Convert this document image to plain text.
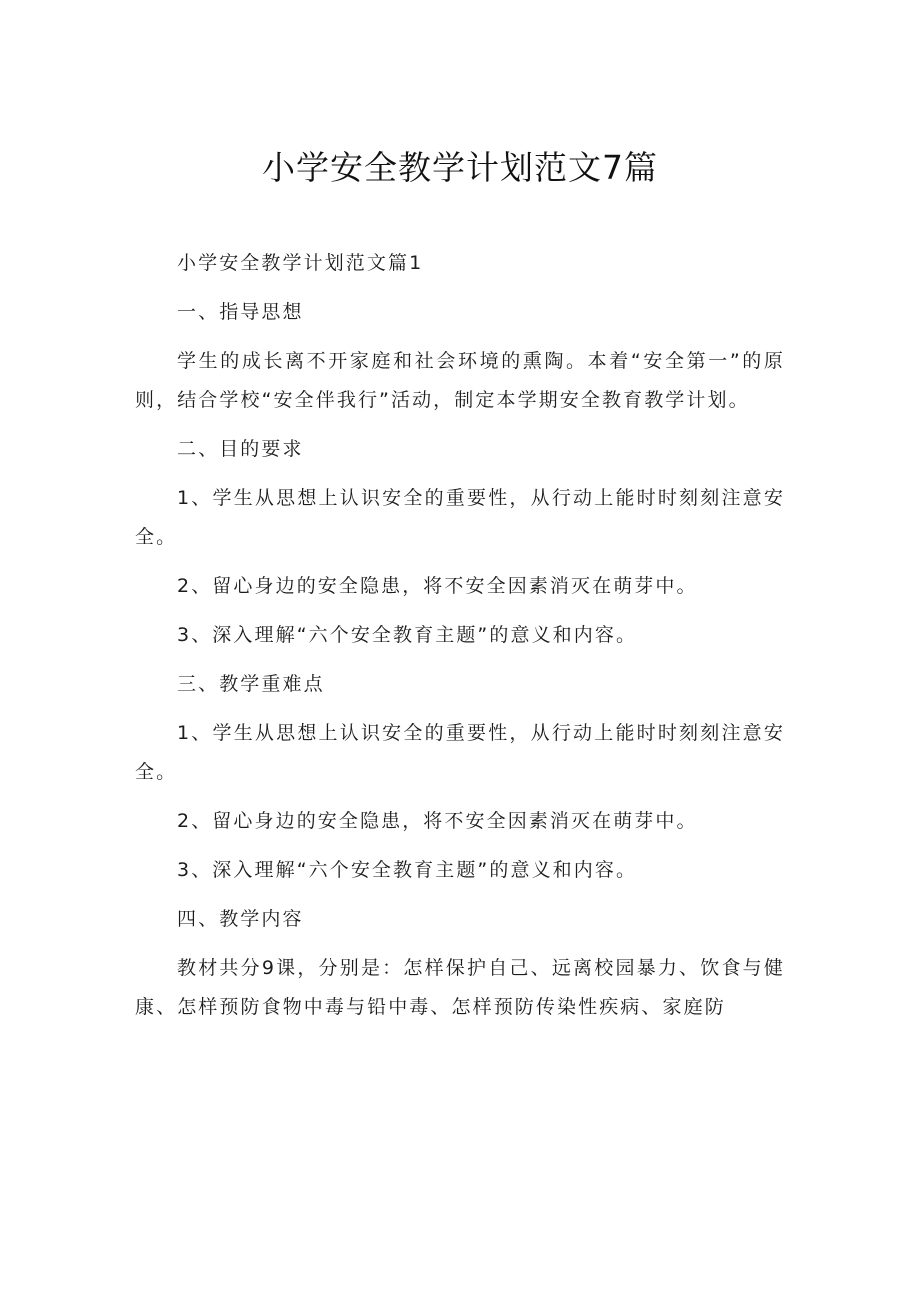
小学安全教学计划范文7篇

小学安全教学计划范文篇1

一、指导思想

学生的成长离不开家庭和社会环境的熏陶。本着“安全第一”的原则，结合学校“安全伴我行”活动，制定本学期安全教育教学计划。

二、目的要求

1、学生从思想上认识安全的重要性，从行动上能时时刻刻注意安全。

2、留心身边的安全隐患，将不安全因素消灭在萌芽中。

3、深入理解“六个安全教育主题”的意义和内容。

三、教学重难点

1、学生从思想上认识安全的重要性，从行动上能时时刻刻注意安全。

2、留心身边的安全隐患，将不安全因素消灭在萌芽中。

3、深入理解“六个安全教育主题”的意义和内容。

四、教学内容

教材共分9课，分别是：怎样保护自己、远离校园暴力、饮食与健康、怎样预防食物中毒与铅中毒、怎样预防传染性疾病、家庭防
